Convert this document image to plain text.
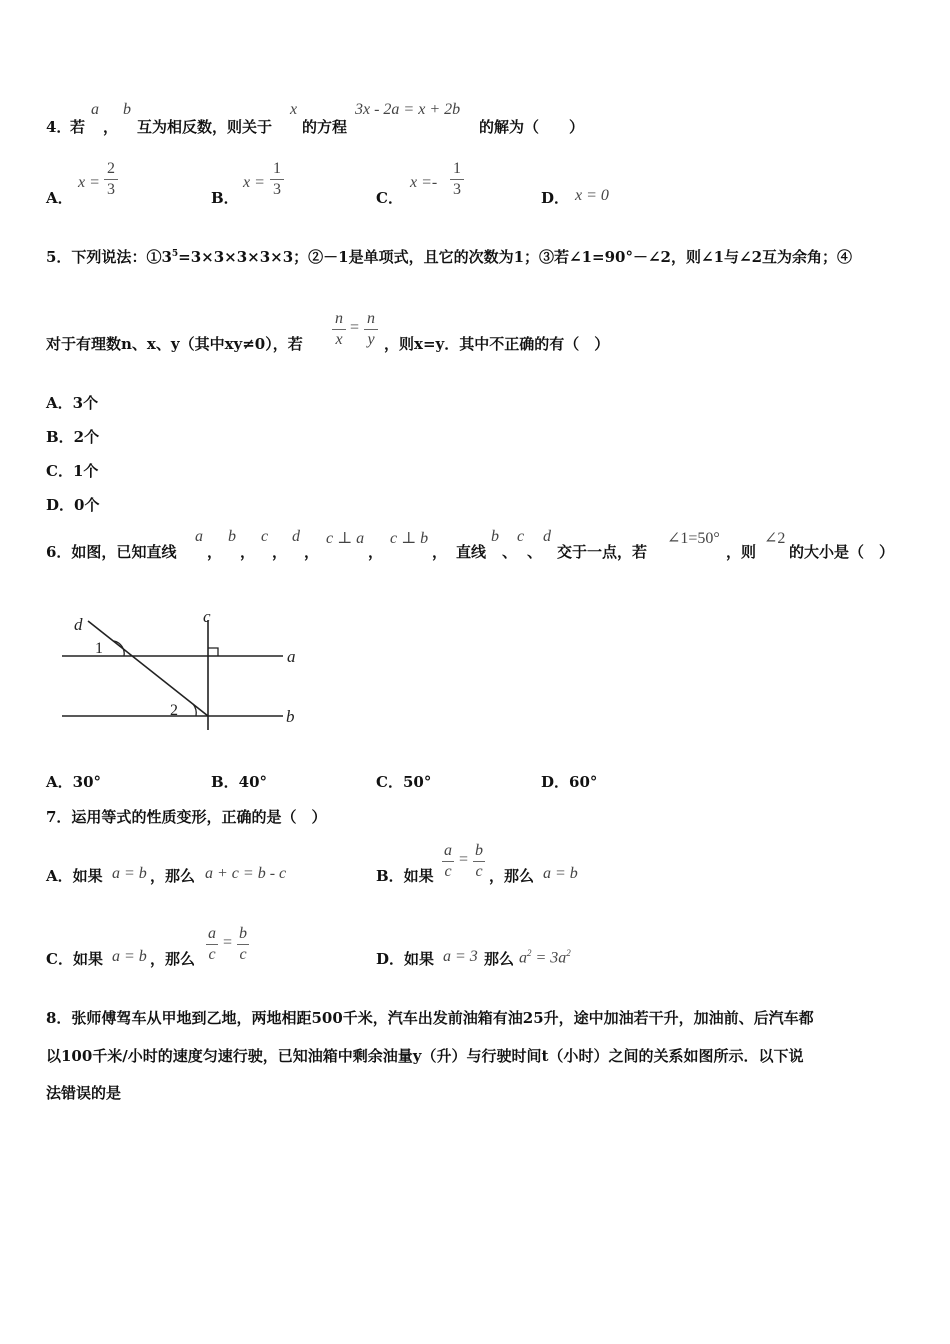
4．
若
a
，
b
互为相反数，则关于
x
的方程
3x - 2a = x + 2b
的解为（　　）
A．
x =
2
3	B．
x =
1
3	C．
x =-
1
3	D． x = 0
5．下列说法：$①3^5=3\times 3\times 3\times 3\times 3$；②－1是单项式，且它的次数为1；③若∠1=90°－∠2，则∠1与∠2互为余角；④
对于有理数n、x、y（其中xy≠0），若
n
x
=
n
y ，则x=y．其中不正确的有（　）
A．3个
B．2个
C．1个
D．0个
6．如图，已知直线
a
，
b
，
c
，
d
，
c ⊥ a
，
c ⊥ b
， 直线
b
、
c
、
d
交于一点，若
∠1=50°
，则
∠2
的大小是（　）
d	c
a
b
1
2
A．30°	B．40°	C．50°	D．60°
7．运用等式的性质变形，正确的是（　）
A．如果 a = b ，那么 a + c = b - c	B．如果
a
c
=
b
c ，那么 a = b
C．如果 a = b ，那么
a
c
=
b
c	D．如果 a = 3 那么 $a^2 = 3a^2$
8．张师傅驾车从甲地到乙地，两地相距500千米，汽车出发前油箱有油25升，途中加油若干升，加油前、后汽车都
以100千米/小时的速度匀速行驶，已知油箱中剩余油量y（升）与行驶时间t（小时）之间的关系如图所示．以下说
法错误的是
